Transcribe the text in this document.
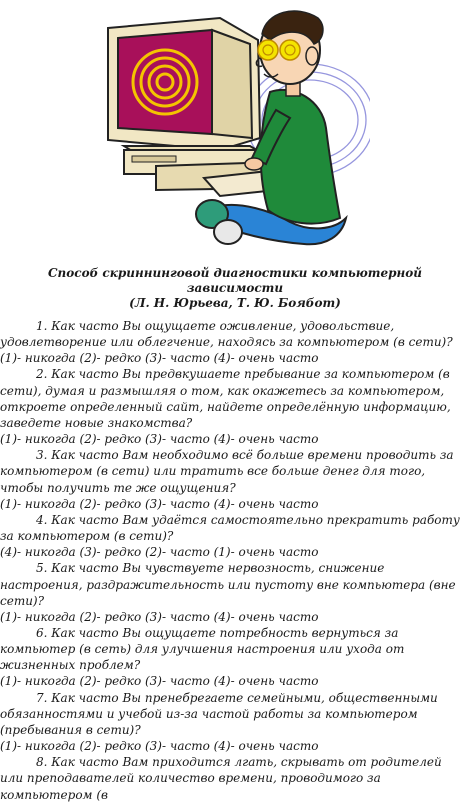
Способ скриннинговой диагностики компьютерной зависимости
(Л. Н. Юрьева, Т. Ю. Боябот)

1. Как часто Вы ощущаете оживление, удовольствие, удовлетворение или облегчение, находясь за компьютером (в сети)?

(1)- никогда (2)- редко (3)- часто (4)- очень часто

2. Как часто Вы предвкушаете пребывание за компьютером (в сети), думая и размышляя о том, как окажетесь за компьютером, откроете определенный сайт, найдете определённую информацию, заведете новые знакомства?

(1)- никогда (2)- редко (3)- часто (4)- очень часто

3. Как часто Вам необходимо всё больше времени проводить за компьютером (в сети) или тратить все больше денег для того, чтобы получить те же ощущения?

(1)- никогда (2)- редко (3)- часто (4)- очень часто

4. Как часто Вам удаётся самостоятельно прекратить работу за компьютером (в сети)?

(4)- никогда (3)- редко (2)- часто (1)- очень часто

5. Как часто Вы чувствуете нервозность, снижение настроения, раздражительность или пустоту вне компьютера (вне сети)?

(1)- никогда (2)- редко (3)- часто (4)- очень часто

6. Как часто Вы ощущаете потребность вернуться за компьютер (в сеть) для улучшения настроения или ухода от жизненных проблем?

(1)- никогда (2)- редко (3)- часто (4)- очень часто

7. Как часто Вы пренебрегаете семейными, общественными обязанностями и учебой из-за частой работы за компьютером (пребывания в сети)?

(1)- никогда (2)- редко (3)- часто (4)- очень часто

8. Как часто Вам приходится лгать, скрывать от родителей или преподавателей количество времени, проводимого за компьютером (в
